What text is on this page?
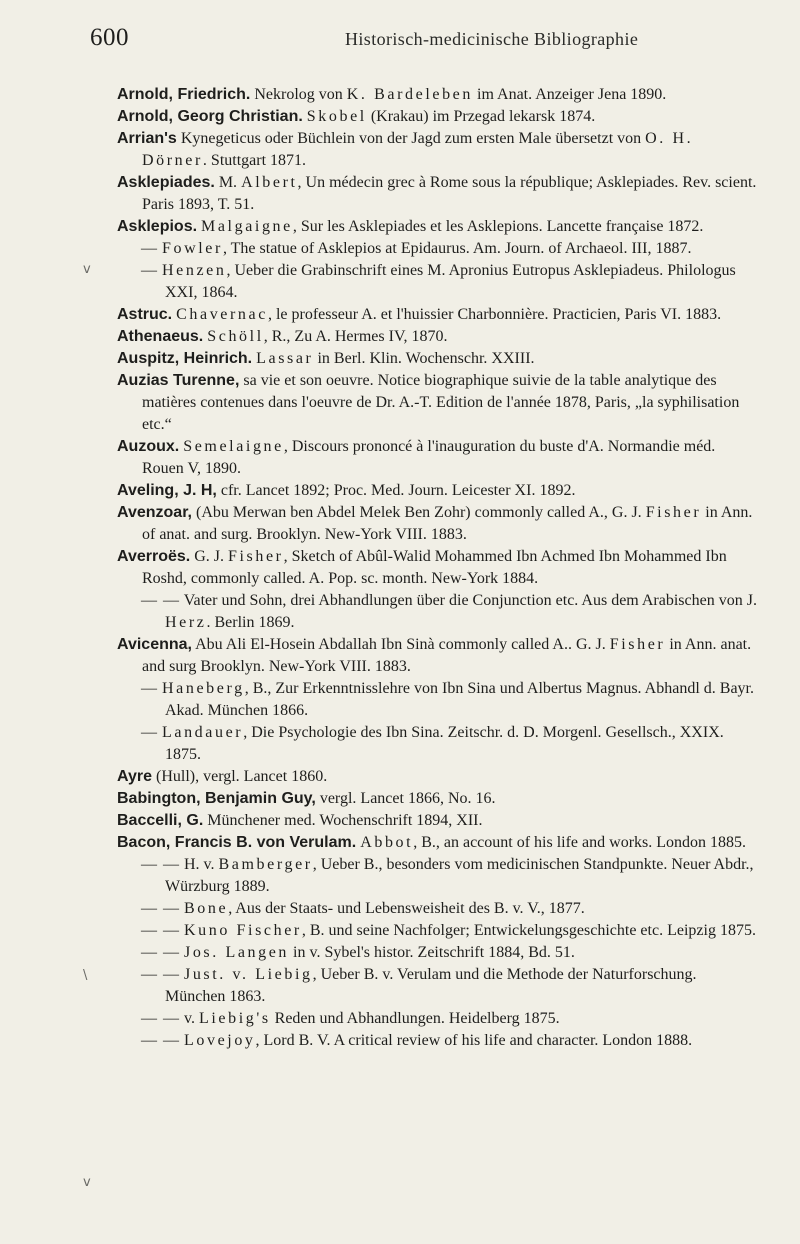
600	Historisch-medicinische Bibliographie
v
\
v

Arnold, Friedrich. Nekrolog von K. Bardeleben im Anat. Anzeiger Jena 1890.

Arnold, Georg Christian. Skobel (Krakau) im Przegad lekarsk 1874.

Arrian's Kynegeticus oder Büchlein von der Jagd zum ersten Male übersetzt von O. H. Dörner. Stuttgart 1871.

Asklepiades. M. Albert, Un médecin grec à Rome sous la république; Asklepiades. Rev. scient. Paris 1893, T. 51.

Asklepios. Malgaigne, Sur les Asklepiades et les Asklepions. Lancette française 1872.

— Fowler, The statue of Asklepios at Epidaurus. Am. Journ. of Archaeol. III, 1887.

— Henzen, Ueber die Grabinschrift eines M. Apronius Eutropus Asklepiadeus. Philologus XXI, 1864.

Astruc. Chavernac, le professeur A. et l'huissier Charbonnière. Practicien, Paris VI. 1883.

Athenaeus. Schöll, R., Zu A. Hermes IV, 1870.

Auspitz, Heinrich. Lassar in Berl. Klin. Wochenschr. XXIII.

Auzias Turenne, sa vie et son oeuvre. Notice biographique suivie de la table analytique des matières contenues dans l'oeuvre de Dr. A.-T. Edition de l'année 1878, Paris, „la syphilisation etc.“

Auzoux. Semelaigne, Discours prononcé à l'inauguration du buste d'A. Normandie méd. Rouen V, 1890.

Aveling, J. H, cfr. Lancet 1892; Proc. Med. Journ. Leicester XI. 1892.

Avenzoar, (Abu Merwan ben Abdel Melek Ben Zohr) commonly called A., G. J. Fisher in Ann. of anat. and surg. Brooklyn. New-York VIII. 1883.

Averroës. G. J. Fisher, Sketch of Abûl-Walid Mohammed Ibn Achmed Ibn Mohammed Ibn Roshd, commonly called. A. Pop. sc. month. New-York 1884.

— — Vater und Sohn, drei Abhandlungen über die Conjunction etc. Aus dem Arabischen von J. Herz. Berlin 1869.

Avicenna, Abu Ali El-Hosein Abdallah Ibn Sinà commonly called A.. G. J. Fisher in Ann. anat. and surg Brooklyn. New-York VIII. 1883.

— Haneberg, B., Zur Erkenntnisslehre von Ibn Sina und Albertus Magnus. Abhandl d. Bayr. Akad. München 1866.

— Landauer, Die Psychologie des Ibn Sina. Zeitschr. d. D. Morgenl. Gesellsch., XXIX. 1875.

Ayre (Hull), vergl. Lancet 1860.

Babington, Benjamin Guy, vergl. Lancet 1866, No. 16.

Baccelli, G. Münchener med. Wochenschrift 1894, XII.

Bacon, Francis B. von Verulam. Abbot, B., an account of his life and works. London 1885.

— — H. v. Bamberger, Ueber B., besonders vom medicinischen Standpunkte. Neuer Abdr., Würzburg 1889.

— — Bone, Aus der Staats- und Lebensweisheit des B. v. V., 1877.

— — Kuno Fischer, B. und seine Nachfolger; Entwickelungsgeschichte etc. Leipzig 1875.

— — Jos. Langen in v. Sybel's histor. Zeitschrift 1884, Bd. 51.

— — Just. v. Liebig, Ueber B. v. Verulam und die Methode der Naturforschung. München 1863.

— — v. Liebig's Reden und Abhandlungen. Heidelberg 1875.

— — Lovejoy, Lord B. V. A critical review of his life and character. London 1888.
